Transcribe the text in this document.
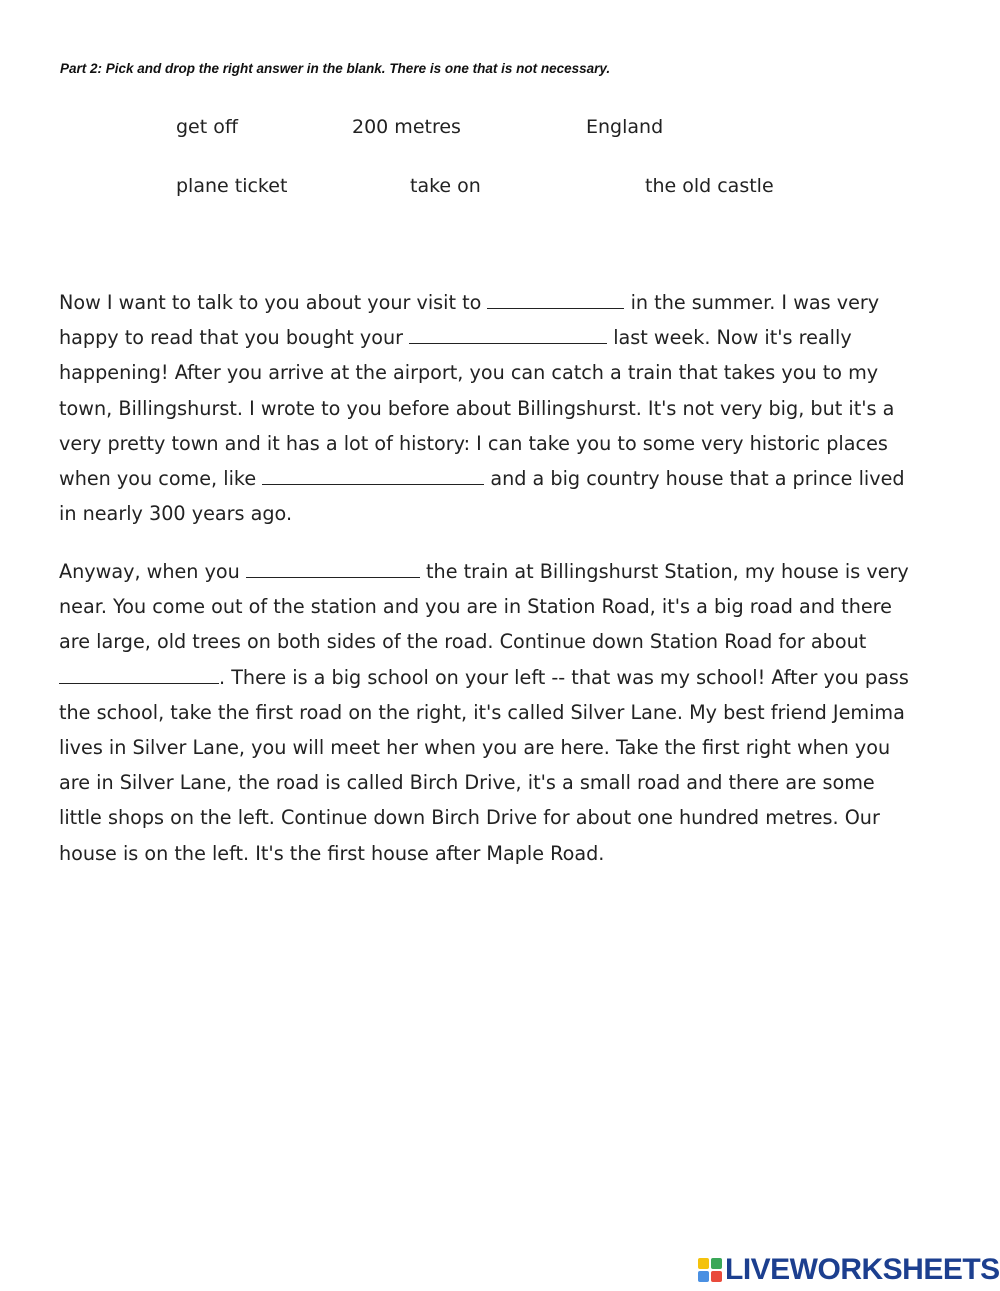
Part 2: Pick and drop the right answer in the blank. There is one that is not necessary.
get off	200 metres	England
plane ticket	take on	the old castle
Now I want to talk to you about your visit to	in the summer. I was very
happy to read that you bought your	last week. Now it's really
happening! After you arrive at the airport, you can catch a train that takes you to my
town, Billingshurst. I wrote to you before about Billingshurst. It's not very big, but it's a
very pretty town and it has a lot of history: I can take you to some very historic places
when you come, like	and a big country house that a prince lived
in nearly 300 years ago.
Anyway, when you	the train at Billingshurst Station, my house is very
near. You come out of the station and you are in Station Road, it's a big road and there
are large, old trees on both sides of the road. Continue down Station Road for about
. There is a big school on your left -- that was my school! After you pass
the school, take the first road on the right, it's called Silver Lane. My best friend Jemima
lives in Silver Lane, you will meet her when you are here. Take the first right when you
are in Silver Lane, the road is called Birch Drive, it's a small road and there are some
little shops on the left. Continue down Birch Drive for about one hundred metres. Our
house is on the left. It's the first house after Maple Road.
LIVEWORKSHEETS
